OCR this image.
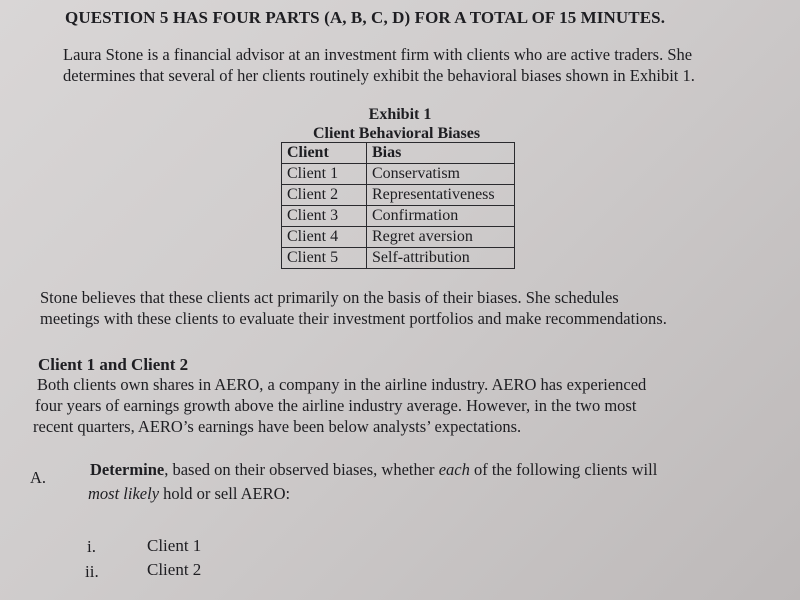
QUESTION 5 HAS FOUR PARTS (A, B, C, D) FOR A TOTAL OF 15 MINUTES.

Laura Stone is a financial advisor at an investment firm with clients who are active traders. She

determines that several of her clients routinely exhibit the behavioral biases shown in Exhibit 1.

Exhibit 1

Client Behavioral Biases

Client	Bias
Client 1	Conservatism
Client 2	Representativeness
Client 3	Confirmation
Client 4	Regret aversion
Client 5	Self-attribution

Stone believes that these clients act primarily on the basis of their biases. She schedules

meetings with these clients to evaluate their investment portfolios and make recommendations.

Client 1 and Client 2

Both clients own shares in AERO, a company in the airline industry. AERO has experienced

four years of earnings growth above the airline industry average. However, in the two most

recent quarters, AERO’s earnings have been below analysts’ expectations.

A.	Determine, based on their observed biases, whether each of the following clients will

most likely hold or sell AERO:

i.	Client 1

ii.	Client 2
